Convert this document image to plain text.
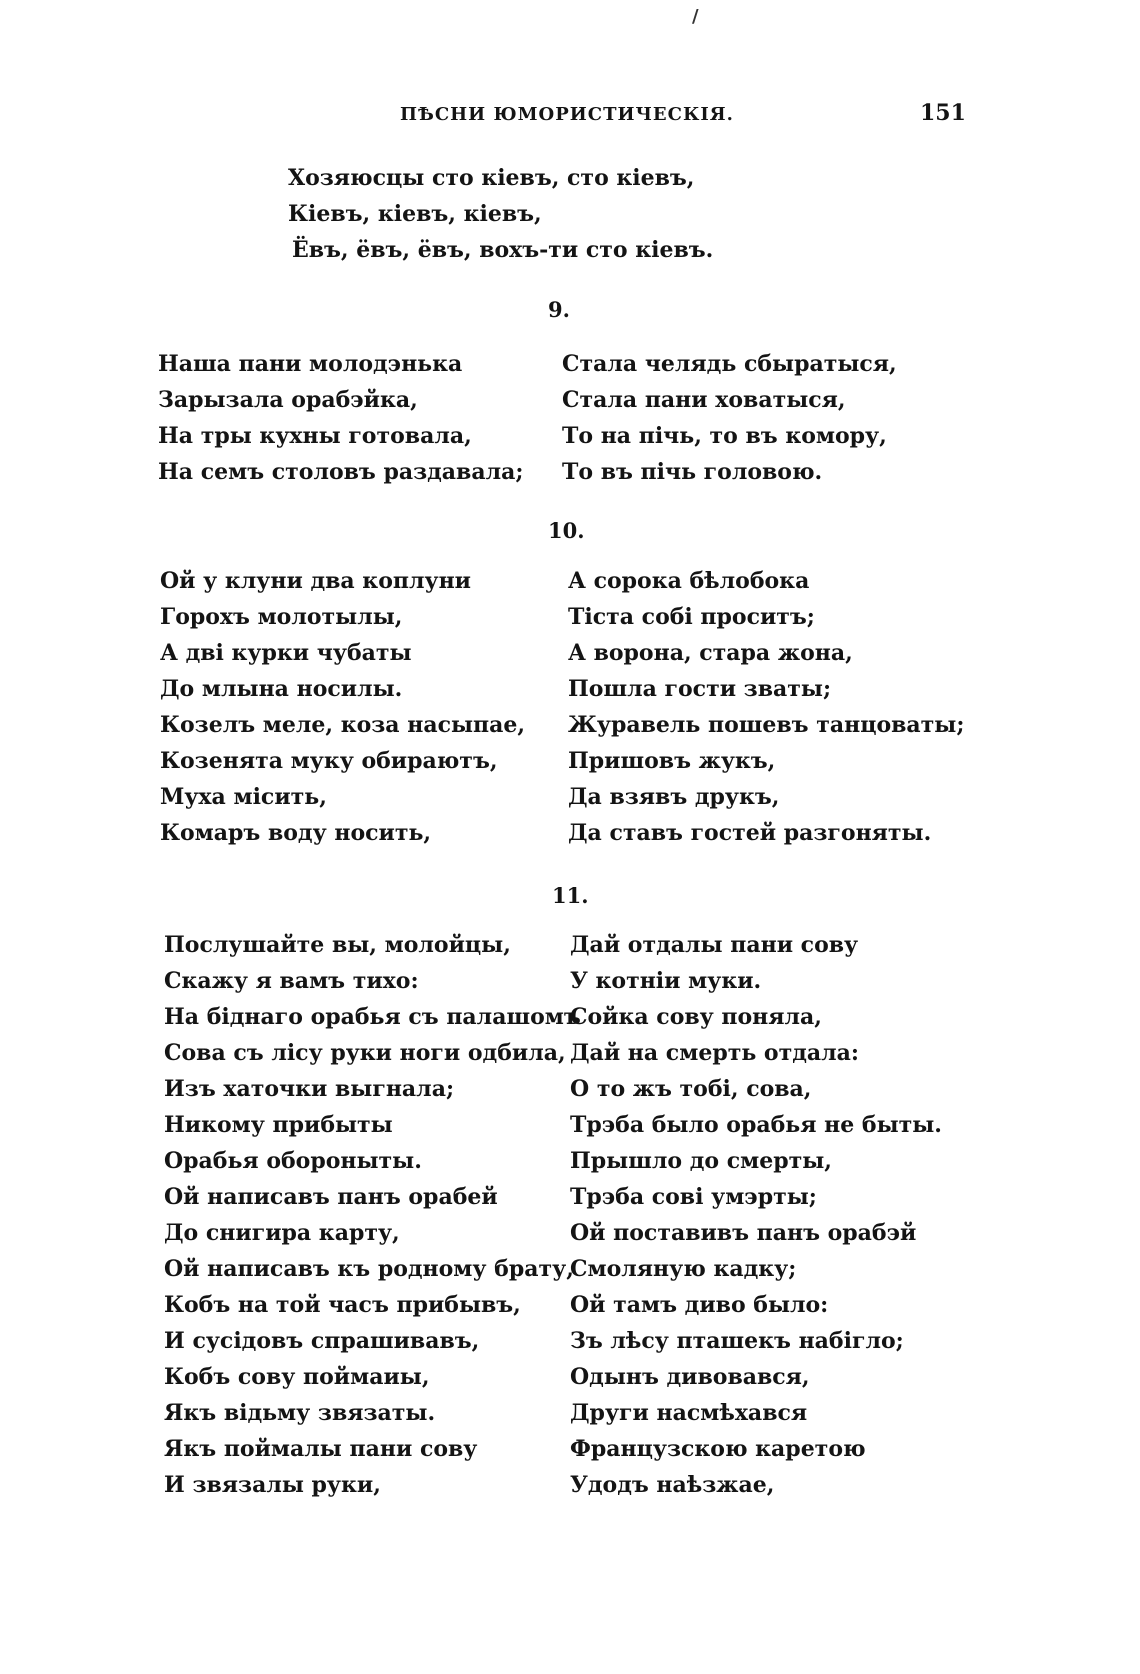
/
ПѢСНИ ЮМОРИСТИЧЕСКІЯ.	151
Хозяюсцы сто кіевъ, сто кіевъ,
Кіевъ, кіевъ, кіевъ,
Ёвъ, ёвъ, ёвъ, вохъ-ти сто кіевъ.
9.
Наша пани молодэнька
Зарызала орабэйка,
На тры кухны готовала,
На семъ столовъ раздавала;
Стала челядь сбыратыся,
Стала пани ховатыся,
То на пічь, то въ комору,
То въ пічь головою.
10.
Ой у клуни два коплуни
Горохъ молотылы,
А дві курки чубаты
До млына носилы.
Козелъ меле, коза насыпае,
Козенята муку обираютъ,
Муха місить,
Комаръ воду носить,
А сорока бѣлобока
Тіста собі проситъ;
А ворона, стара жона,
Пошла гости зваты;
Журавель пошевъ танцоваты;
Пришовъ жукъ,
Да взявъ друкъ,
Да ставъ гостей разгоняты.
11.
Послушайте вы, молойцы,
Скажу я вамъ тихо:
На біднаго орабья съ палашомъ
Сова съ лісу руки ноги одбила,
Изъ хаточки выгнала;
Никому прибыты
Орабья обороныты.
Ой написавъ панъ орабей
До снигира карту,
Ой написавъ къ родному брату,
Кобъ на той часъ прибывъ,
И сусідовъ спрашивавъ,
Кобъ сову поймаиы,
Якъ відьму звязаты.
Якъ поймалы пани сову
И звязалы руки,
Дай отдалы пани сову
У котніи муки.
Сойка сову поняла,
Дай на смерть отдала:
О то жъ тобі, сова,
Трэба было орабья не быты.
Прышло до смерты,
Трэба сові умэрты;
Ой поставивъ панъ орабэй
Смоляную кадку;
Ой тамъ диво было:
Зъ лѣсу пташекъ набігло;
Одынъ дивовався,
Други насмѣхався
Французскою каретою
Удодъ наѣзжае,
